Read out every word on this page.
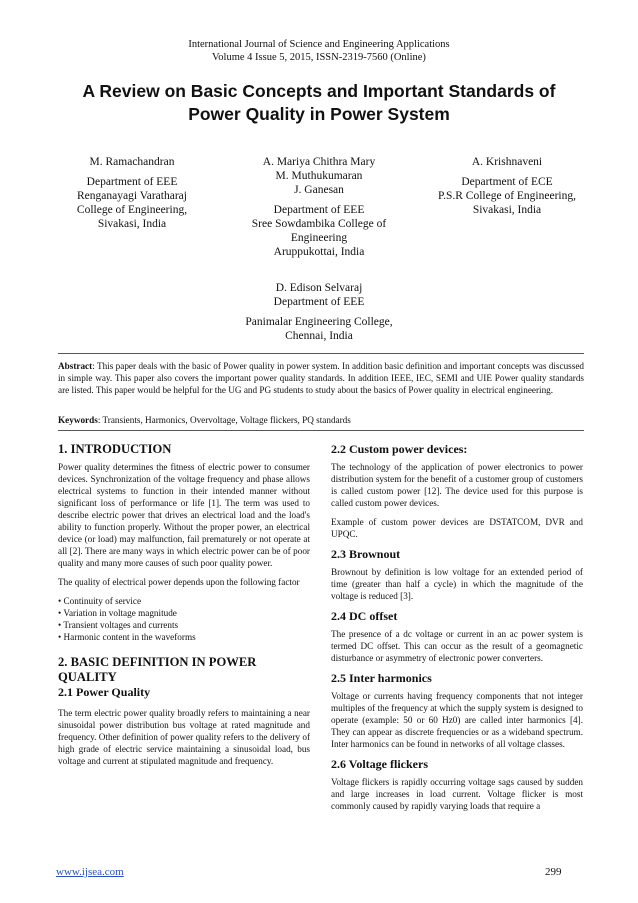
International Journal of Science and Engineering Applications
Volume 4 Issue 5, 2015, ISSN-2319-7560 (Online)
A Review on Basic Concepts and Important Standards of
Power Quality in Power System
M. Ramachandran
Department of EEE
Renganayagi Varatharaj
College of Engineering,
Sivakasi, India
A. Mariya Chithra Mary
M. Muthukumaran
J. Ganesan
Department of EEE
Sree Sowdambika College of
Engineering
Aruppukottai, India
A. Krishnaveni
Department of ECE
P.S.R College of Engineering,
Sivakasi, India
D. Edison Selvaraj
Department of EEE
Panimalar Engineering College,
Chennai, India
Abstract: This paper deals with the basic of Power quality in power system. In addition basic definition and important concepts was discussed in simple way. This paper also covers the important power quality standards. In addition IEEE, IEC, SEMI and UIE Power quality standards are listed. This paper would be helpful for the UG and PG students to study about the basics of Power quality in electrical engineering.
Keywords: Transients, Harmonics, Overvoltage, Voltage flickers, PQ standards
1. INTRODUCTION

Power quality determines the fitness of electric power to consumer devices. Synchronization of the voltage frequency and phase allows electrical systems to function in their intended manner without significant loss of performance or life [1]. The term was used to describe electric power that drives an electrical load and the load's ability to function properly. Without the proper power, an electrical device (or load) may malfunction, fail prematurely or not operate at all [2]. There are many ways in which electric power can be of poor quality and many more causes of such poor quality power.

The quality of electrical power depends upon the following factor

• Continuity of service
• Variation in voltage magnitude
• Transient voltages and currents
• Harmonic content in the waveforms
2. BASIC DEFINITION IN POWER
QUALITY
2.1 Power Quality

The term electric power quality broadly refers to maintaining a near sinusoidal power distribution bus voltage at rated magnitude and frequency. Other definition of power quality refers to the delivery of high grade of electric service maintaining a sinusoidal load, bus voltage and current at stipulated magnitude and frequency.

2.2 Custom power devices:

The technology of the application of power electronics to power distribution system for the benefit of a customer group of customers is called custom power [12]. The device used for this purpose is called custom power devices.

Example of custom power devices are DSTATCOM, DVR and UPQC.

2.3 Brownout

Brownout by definition is low voltage for an extended period of time (greater than half a cycle) in which the magnitude of the voltage is reduced [3].

2.4 DC offset

The presence of a dc voltage or current in an ac power system is termed DC offset. This can occur as the result of a geomagnetic disturbance or asymmetry of electronic power converters.

2.5 Inter harmonics

Voltage or currents having frequency components that not integer multiples of the frequency at which the supply system is designed to operate (example: 50 or 60 Hz0) are called inter harmonics [4]. They can appear as discrete frequencies or as a wideband spectrum. Inter harmonics can be found in networks of all voltage classes.

2.6 Voltage flickers

Voltage flickers is rapidly occurring voltage sags caused by sudden and large increases in load current. Voltage flicker is most commonly caused by rapidly varying loads that require a

www.ijsea.com	299
